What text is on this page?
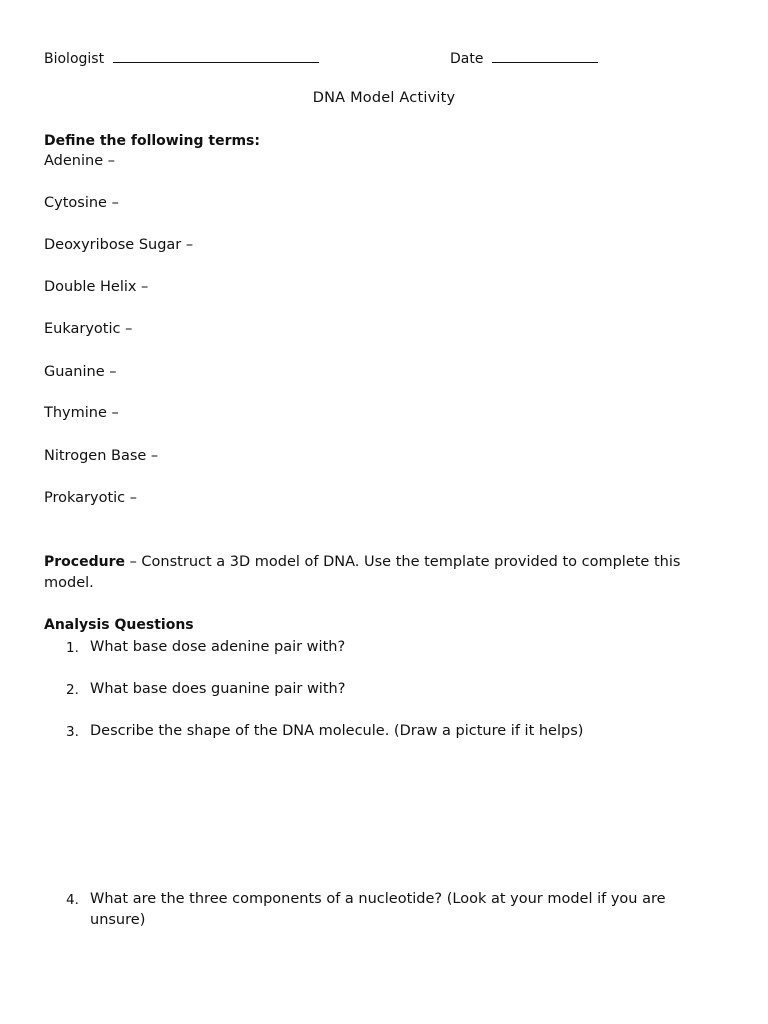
Biologist	Date
DNA Model Activity
Define the following terms:
Adenine –
Cytosine –
Deoxyribose Sugar –
Double Helix –
Eukaryotic –
Guanine –
Thymine –
Nitrogen Base –
Prokaryotic –
Procedure – Construct a 3D model of DNA. Use the template provided to complete this model.
Analysis Questions
1. What base dose adenine pair with?
2. What base does guanine pair with?
3. Describe the shape of the DNA molecule. (Draw a picture if it helps)
4. What are the three components of a nucleotide? (Look at your model if you are unsure)
